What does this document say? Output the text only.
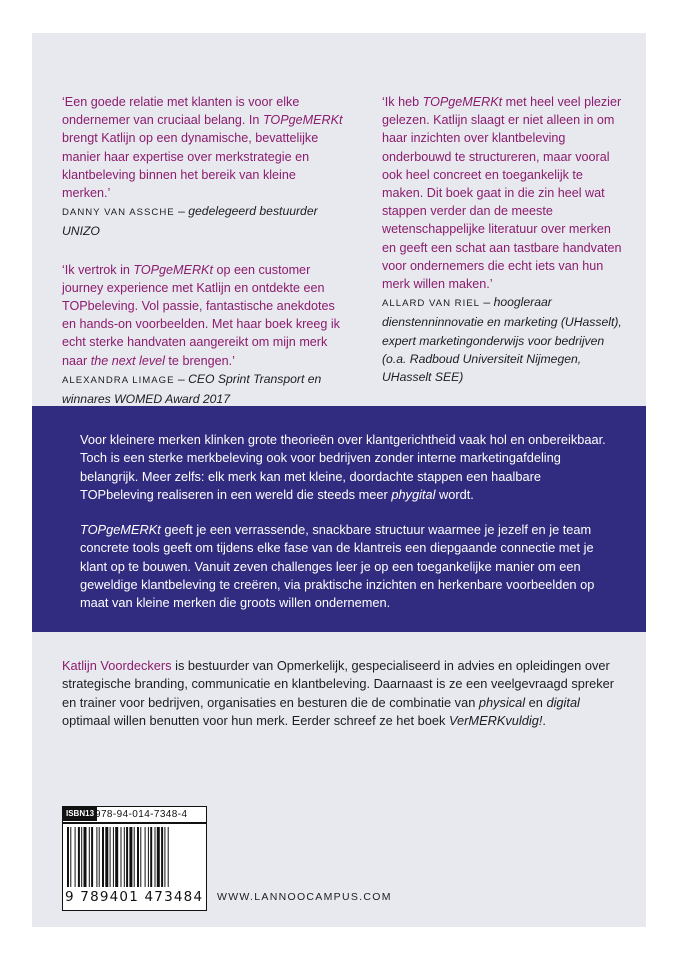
‘Een goede relatie met klanten is voor elke ondernemer van cruciaal belang. In TOPgeMERKt brengt Katlijn op een dynamische, bevattelijke manier haar expertise over merkstrategie en klantbeleving binnen het bereik van kleine merken.’

DANNY VAN ASSCHE – gedelegeerd bestuurder UNIZO

‘Ik vertrok in TOPgeMERKt op een customer journey experience met Katlijn en ontdekte een TOPbeleving. Vol passie, fantastische anekdotes en hands-on voorbeelden. Met haar boek kreeg ik echt sterke handvaten aangereikt om mijn merk naar the next level te brengen.’

ALEXANDRA LIMAGE – CEO Sprint Transport en winnares WOMED Award 2017

‘Ik heb TOPgeMERKt met heel veel plezier gelezen. Katlijn slaagt er niet alleen in om haar inzichten over klantbeleving onderbouwd te structureren, maar vooral ook heel concreet en toegankelijk te maken. Dit boek gaat in die zin heel wat stappen verder dan de meeste wetenschappelijke literatuur over merken en geeft een schat aan tastbare handvaten voor ondernemers die echt iets van hun merk willen maken.’

ALLARD VAN RIEL – hoogleraar dienstenninnovatie en marketing (UHasselt), expert marketingonderwijs voor bedrijven (o.a. Radboud Universiteit Nijmegen, UHasselt SEE)

Voor kleinere merken klinken grote theorieën over klantgerichtheid vaak hol en onbereikbaar. Toch is een sterke merkbeleving ook voor bedrijven zonder interne marketingafdeling belangrijk. Meer zelfs: elk merk kan met kleine, doordachte stappen een haalbare TOPbeleving realiseren in een wereld die steeds meer phygital wordt.

TOPgeMERKt geeft je een verrassende, snackbare structuur waarmee je jezelf en je team concrete tools geeft om tijdens elke fase van de klantreis een diepgaande connectie met je klant op te bouwen. Vanuit zeven challenges leer je op een toegankelijke manier om een geweldige klantbeleving te creëren, via praktische inzichten en herkenbare voorbeelden op maat van kleine merken die groots willen ondernemen.

Katlijn Voordeckers is bestuurder van Opmerkelijk, gespecialiseerd in advies en opleidingen over strategische branding, communicatie en klantbeleving. Daarnaast is ze een veelgevraagd spreker en trainer voor bedrijven, organisaties en besturen die de combinatie van physical en digital optimaal willen benutten voor hun merk. Eerder schreef ze het boek VerMERKvuldig!.

ISBN13 978-94-014-7348-4
9 789401 473484 WWW.LANNOOCAMPUS.COM
